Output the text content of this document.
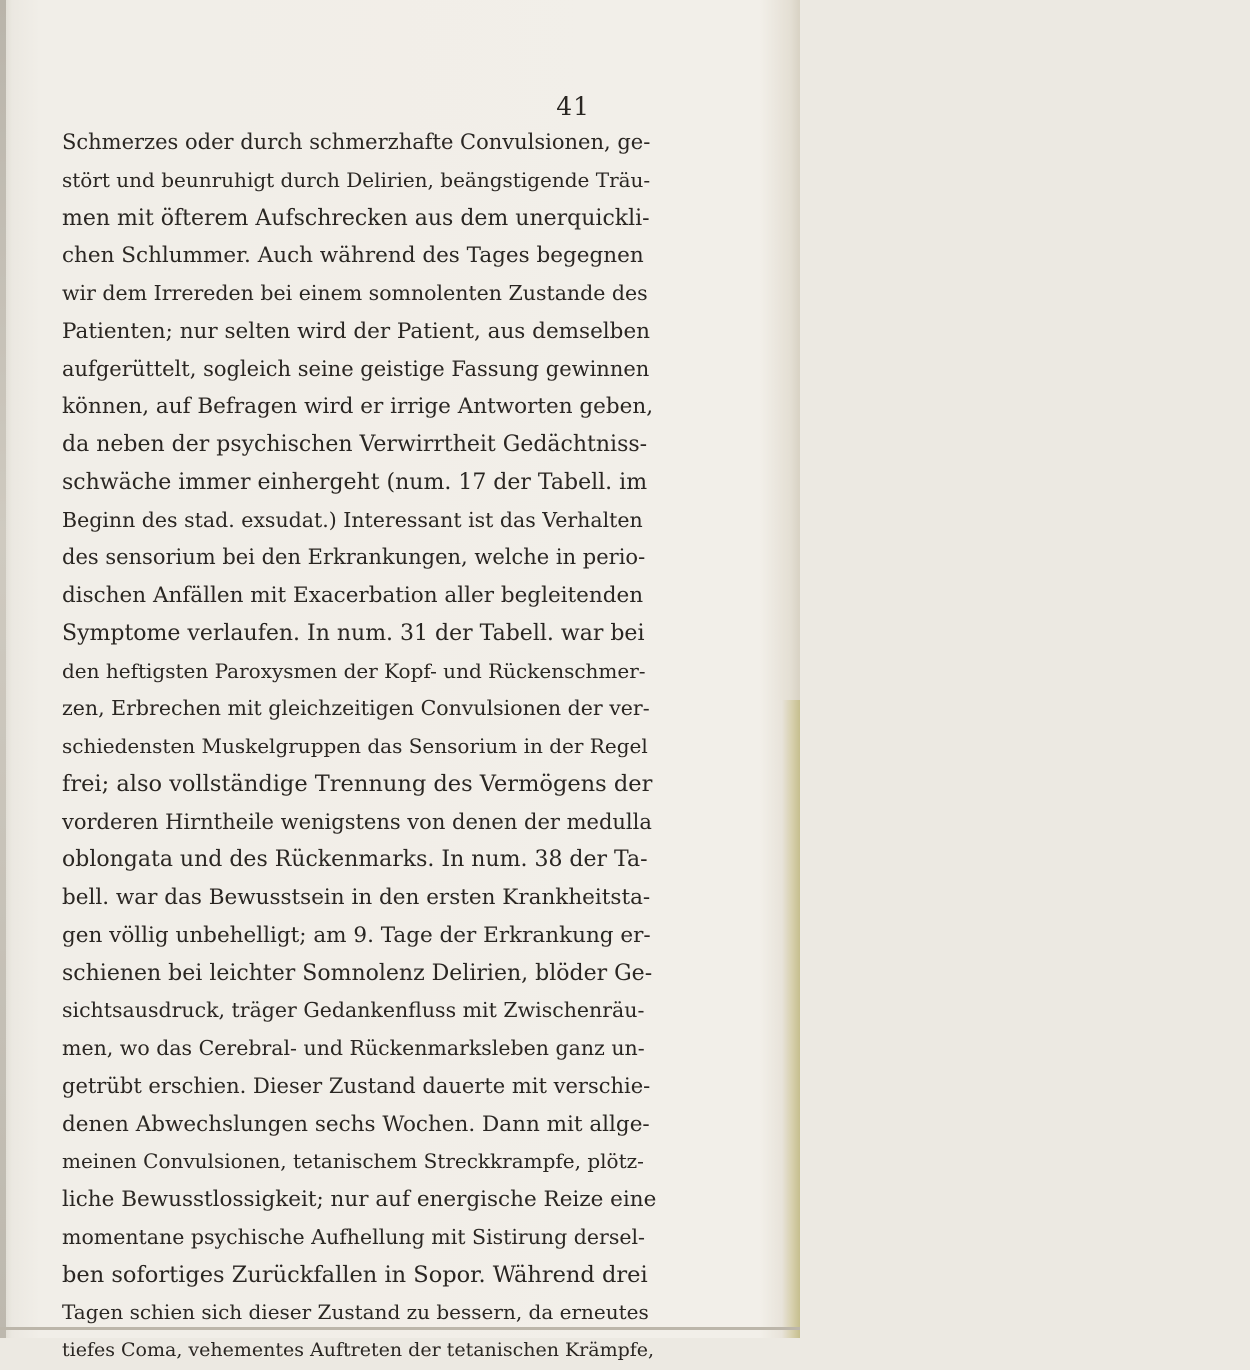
41

Schmerzes oder durch schmerzhafte Convulsionen, ge-
stört und beunruhigt durch Delirien, beängstigende Träu-
men mit öfterem Aufschrecken aus dem unerquickli-
chen Schlummer. Auch während des Tages begegnen
wir dem Irrereden bei einem somnolenten Zustande des
Patienten; nur selten wird der Patient, aus demselben
aufgerüttelt, sogleich seine geistige Fassung gewinnen
können, auf Befragen wird er irrige Antworten geben,
da neben der psychischen Verwirrtheit Gedächtniss-
schwäche immer einhergeht (num. 17 der Tabell. im
Beginn des stad. exsudat.) Interessant ist das Verhalten
des sensorium bei den Erkrankungen, welche in perio-
dischen Anfällen mit Exacerbation aller begleitenden
Symptome verlaufen. In num. 31 der Tabell. war bei
den heftigsten Paroxysmen der Kopf- und Rückenschmer-
zen, Erbrechen mit gleichzeitigen Convulsionen der ver-
schiedensten Muskelgruppen das Sensorium in der Regel
frei; also vollständige Trennung des Vermögens der
vorderen Hirntheile wenigstens von denen der medulla
oblongata und des Rückenmarks. In num. 38 der Ta-
bell. war das Bewusstsein in den ersten Krankheitsta-
gen völlig unbehelligt; am 9. Tage der Erkrankung er-
schienen bei leichter Somnolenz Delirien, blöder Ge-
sichtsausdruck, träger Gedankenfluss mit Zwischenräu-
men, wo das Cerebral- und Rückenmarksleben ganz un-
getrübt erschien. Dieser Zustand dauerte mit verschie-
denen Abwechslungen sechs Wochen. Dann mit allge-
meinen Convulsionen, tetanischem Streckkrampfe, plötz-
liche Bewusstlossigkeit; nur auf energische Reize eine
momentane psychische Aufhellung mit Sistirung dersel-
ben sofortiges Zurückfallen in Sopor. Während drei
Tagen schien sich dieser Zustand zu bessern, da erneutes
tiefes Coma, vehementes Auftreten der tetanischen Krämpfe,
